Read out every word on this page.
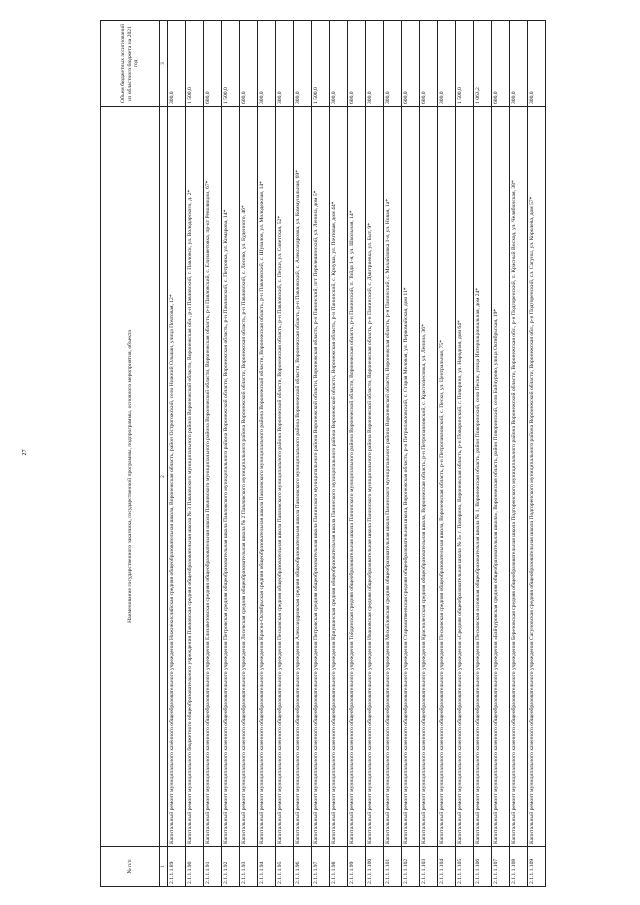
27
№ п/п	Наименование государственного заказчика, государственной программы, подпрограммы, основного мероприятия, объекта	Объем бюджетных ассигнований из областного бюджета на 2021 год
1	2	3
2.1.1.1.89	Капитальный ремонт муниципального казённого общеобразовательного учреждения Нижнекисляйская средняя общеобразовательная школа, Воронежская область, район Острогожский, село Нижний Ольшан, улица Почтовая, 12*	300,0
2.1.1.1.90	Капитальный ремонт муниципального бюджетного общеобразовательного учреждения Павловская средняя общеобразовательная школа № 3 Павловского муниципального района Воронежской области, Воронежская обл., р-н Павловский, г. Павловск, ул. Володарского, д. 2*	1 500,0
2.1.1.1.91	Капитальный ремонт муниципального казенного общеобразовательного учреждения Елизаветовская средняя общеобразовательная школа Павловского муниципального района Воронежской области, Воронежская область, р-н Павловский, с. Елизаветовка, пр-кт Революции, 67*	600,0
2.1.1.1.92	Капитальный ремонт муниципального казенного общеобразовательного учреждения Петровская средняя общеобразовательная школа Павловского муниципального района Воронежской области, Воронежская область, р-н Павловский, с. Петровка, ул. Комарова, 14*	1 500,0
2.1.1.1.93	Капитальный ремонт муниципального казенного общеобразовательного учреждения Лосевская средняя общеобразовательная школа № 2 Павловского муниципального района Воронежской области, Воронежская область, р-н Павловский, с. Лосево, ул. Буденного, 46*	600,0
2.1.1.1.94	Капитальный ремонт муниципального казенного общеобразовательного учреждения Красно-Октябрьская средняя общеобразовательная школа Павловского муниципального района Воронежской области, Воронежская область, р-н Павловский, с. Шувалов, ул. Молодежная, 14*	300,0
2.1.1.1.95	Капитальный ремонт муниципального казенного общеобразовательного учреждения Песковская средняя общеобразовательная школа Павловского муниципального района Воронежской области, Воронежская область, р-н Павловский, с. Пески, ул. Советская, 52*	300,0
2.1.1.1.96	Капитальный ремонт муниципального казенного общеобразовательного учреждения Александровская средняя общеобразовательная школа Павловского муниципального района Воронежской области, Воронежская область, р-н Павловский, с. Александровка, ул. Коммунальная, 69*	300,0
2.1.1.1.97	Капитальный ремонт муниципального казенного общеобразовательного учреждения Петровская средняя общеобразовательная школа Панинского муниципального района Воронежской области, Воронежская область, р-н Панинский, пгт Перелешинский, ул. Ленина, дом 5*	1 500,0
2.1.1.1.98	Капитальный ремонт муниципального казенного общеобразовательного учреждения Криушанская средняя общеобразовательная школа Панинского муниципального района Воронежской области, Воронежская область, р-н Панинский, с. Криуша, ул. Почтовая, дом 44*	300,0
2.1.1.1.99	Капитальный ремонт муниципального казенного общеобразовательного учреждения Тойдинская средняя общеобразовательная школа Панинского муниципального района Воронежской области, Воронежская область, р-н Панинский, п. Тойда 1-я, ул. Школьная, 14*	600,0
2.1.1.1.100	Капитальный ремонт муниципального казенного общеобразовательного учреждения Ивановская средняя общеобразовательная школа Панинского муниципального района Воронежской области, Воронежская область, р-н Панинский, с. Дмитриевка, ул. Быт, 9*	300,0
2.1.1.1.101	Капитальный ремонт муниципального казенного общеобразовательного учреждения Михайловская средняя общеобразовательная школа Панинского муниципального района Воронежской области, Воронежская область, р-н Панинский, с. Михайловка 1-я, ул. Новая, 1а*	300,0
2.1.1.1.102	Капитальный ремонт муниципального казенного общеобразовательного учреждения Староматвеевская средняя общеобразовательная школа, Воронежская область, р-н Петропавловский, с. Старая Меловая, ул. Первомайская, дом 11*	600,0
2.1.1.1.103	Капитальный ремонт муниципального казенного общеобразовательного учреждения Краснолесская средняя общеобразовательная школа, Воронежская область, р-н Петропавловский, с. Краснолесовка, ул. Ленина, 36*	600,0
2.1.1.1.104	Капитальный ремонт муниципального казенного общеобразовательного учреждения Песковская средняя общеобразовательная школа, Воронежская область, р-н Петропавловский, с. Пески, ул. Центральная, 75*	300,0
2.1.1.1.105	Капитальный ремонт муниципального казенного общеобразовательного учреждения «Средняя общеобразовательная школа № 3» г. Поворино, Воронежская область, р-н Поворинский, г. Поворино, ул. Народная, дом 64*	1 500,0
2.1.1.1.106	Капитальный ремонт муниципального казенного общеобразовательного учреждения Песковская основная общеобразовательная школа № 1, Воронежская область, район Поворинский, село Пески, улица Интернациональная, дом 24*	1 063,2
2.1.1.1.107	Капитальный ремонт муниципального казенного общеобразовательного учреждения «Байчуровская средняя общеобразовательная школа», Воронежская область, район Поворинский, село Байчурово, улица Октябрьская, 19*	600,0
2.1.1.1.108	Капитальный ремонт муниципального казенного общеобразовательного учреждения Березовская средняя общеобразовательная школа Подгоренского муниципального района Воронежской области, Воронежская обл., р-н Подгоренский, п. Красный Восход, ул. Челябинская, 38*	300,0
2.1.1.1.109	Капитальный ремонт муниципального казенного общеобразовательного учреждения Сагуновская средняя общеобразовательная школа Подгоренского муниципального района Воронежской области, Воронежская обл., р-н Подгоренский, сл. Сагуны, ул. Королева, дом 57*	300,0
